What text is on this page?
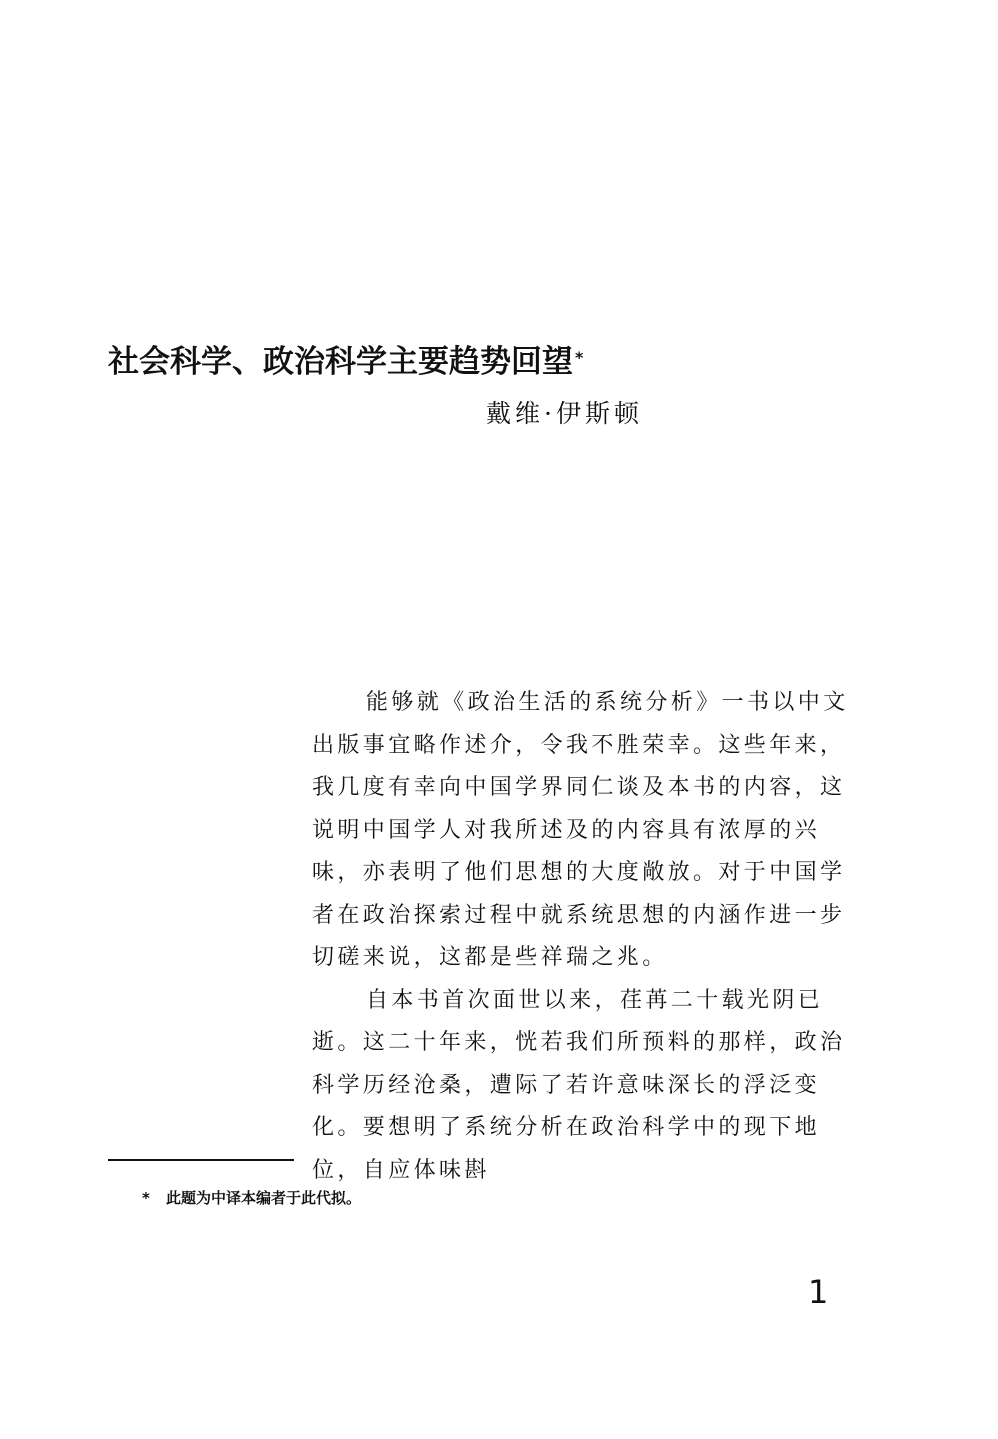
社会科学、政治科学主要趋势回望 *
戴维·伊斯顿

能够就《政治生活的系统分析》一书以中文出版事宜略作述介，令我不胜荣幸。这些年来，我几度有幸向中国学界同仁谈及本书的内容，这说明中国学人对我所述及的内容具有浓厚的兴味，亦表明了他们思想的大度敞放。对于中国学者在政治探索过程中就系统思想的内涵作进一步切磋来说，这都是些祥瑞之兆。

自本书首次面世以来，荏苒二十载光阴已逝。这二十年来，恍若我们所预料的那样，政治科学历经沧桑，遭际了若许意味深长的浮泛变化。要想明了系统分析在政治科学中的现下地位，自应体味斟

* 此题为中译本编者于此代拟。
1
